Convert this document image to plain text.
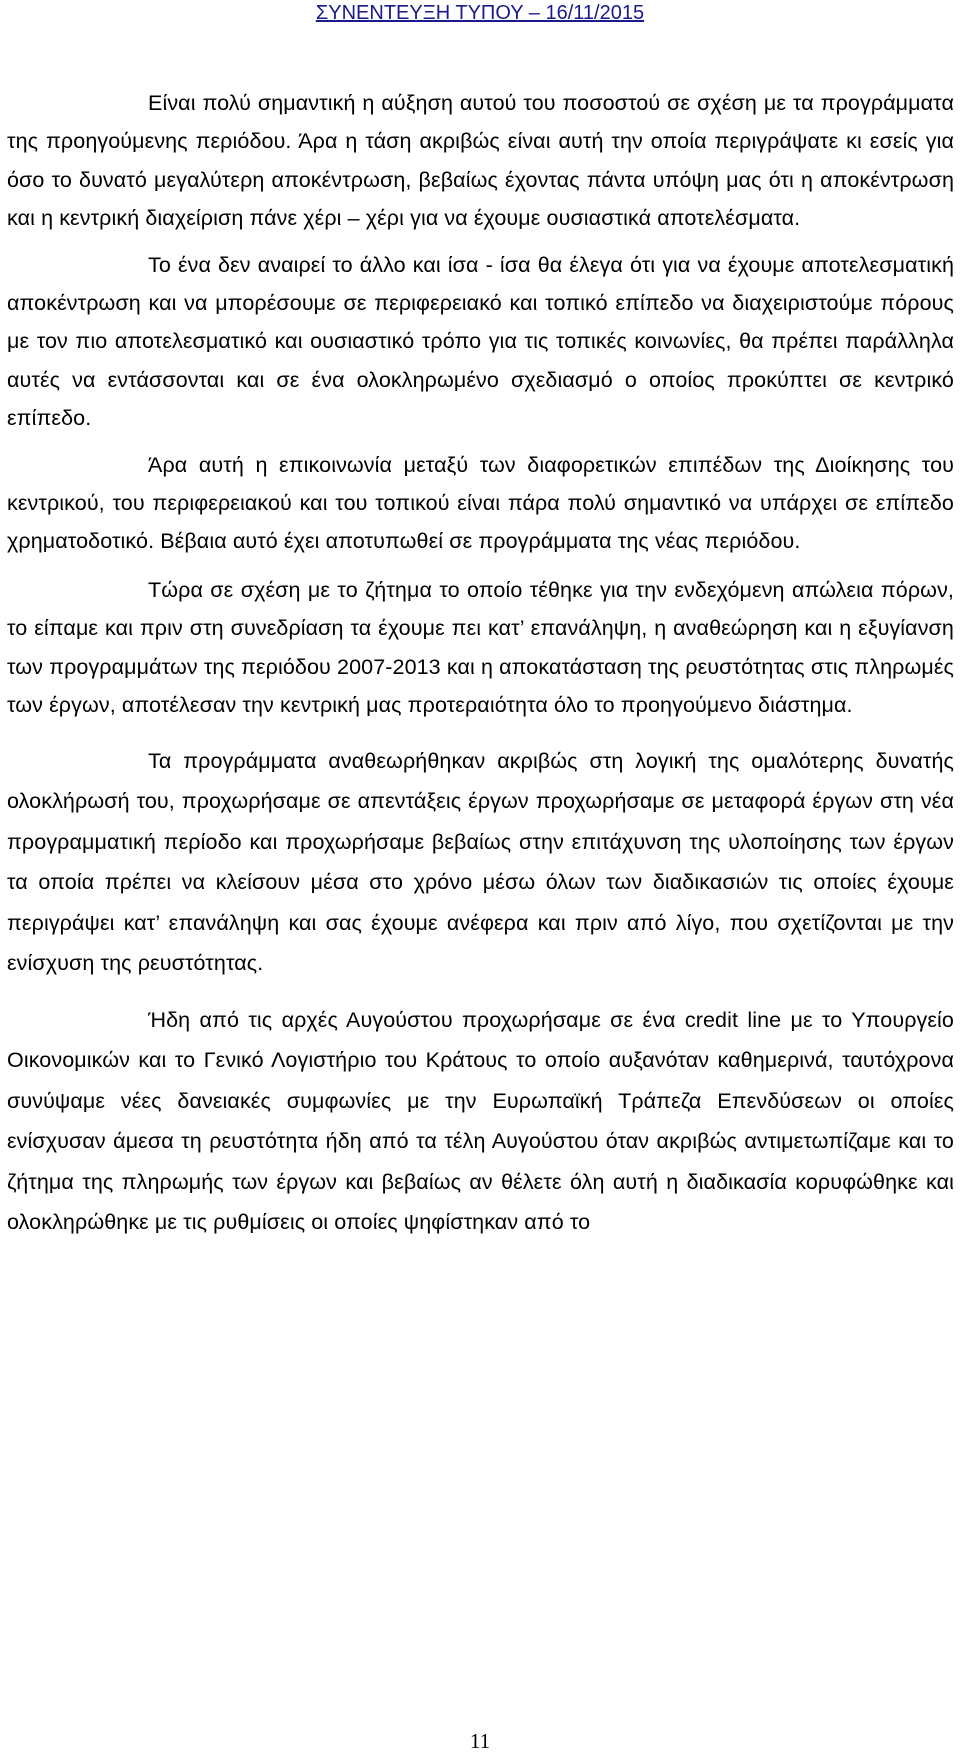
ΣΥΝΕΝΤΕΥΞΗ ΤΥΠΟΥ – 16/11/2015

Είναι πολύ σημαντική η αύξηση αυτού του ποσοστού σε σχέση με τα προγράμματα της προηγούμενης περιόδου. Άρα η τάση ακριβώς είναι αυτή την οποία περιγράψατε κι εσείς για όσο το δυνατό μεγαλύτερη αποκέντρωση, βεβαίως έχοντας πάντα υπόψη μας ότι η αποκέντρωση και η κεντρική διαχείριση πάνε χέρι – χέρι για να έχουμε ουσιαστικά αποτελέσματα.

Το ένα δεν αναιρεί το άλλο και ίσα - ίσα θα έλεγα ότι για να έχουμε αποτελεσματική αποκέντρωση και να μπορέσουμε σε περιφερειακό και τοπικό επίπεδο να διαχειριστούμε πόρους με τον πιο αποτελεσματικό και ουσιαστικό τρόπο για τις τοπικές κοινωνίες, θα πρέπει παράλληλα αυτές να εντάσσονται και σε ένα ολοκληρωμένο σχεδιασμό ο οποίος προκύπτει σε κεντρικό επίπεδο.

Άρα αυτή η επικοινωνία μεταξύ των διαφορετικών επιπέδων της Διοίκησης του κεντρικού, του περιφερειακού και του τοπικού είναι πάρα πολύ σημαντικό να υπάρχει σε επίπεδο χρηματοδοτικό. Βέβαια αυτό έχει αποτυπωθεί σε προγράμματα της νέας περιόδου.

Τώρα σε σχέση με το ζήτημα το οποίο τέθηκε για την ενδεχόμενη απώλεια πόρων, το είπαμε και πριν στη συνεδρίαση τα έχουμε πει κατ’ επανάληψη, η αναθεώρηση και η εξυγίανση των προγραμμάτων της περιόδου 2007-2013 και η αποκατάσταση της ρευστότητας στις πληρωμές των έργων, αποτέλεσαν την κεντρική μας προτεραιότητα όλο το προηγούμενο διάστημα.

Τα προγράμματα αναθεωρήθηκαν ακριβώς στη λογική της ομαλότερης δυνατής ολοκλήρωσή του, προχωρήσαμε σε απεντάξεις έργων προχωρήσαμε σε μεταφορά έργων στη νέα προγραμματική περίοδο και προχωρήσαμε βεβαίως στην επιτάχυνση της υλοποίησης των έργων τα οποία πρέπει να κλείσουν μέσα στο χρόνο μέσω όλων των διαδικασιών τις οποίες έχουμε περιγράψει κατ’ επανάληψη και σας έχουμε ανέφερα και πριν από λίγο, που σχετίζονται με την ενίσχυση της ρευστότητας.

Ήδη από τις αρχές Αυγούστου προχωρήσαμε σε ένα credit line με το Υπουργείο Οικονομικών και το Γενικό Λογιστήριο του Κράτους το οποίο αυξανόταν καθημερινά, ταυτόχρονα συνύψαμε νέες δανειακές συμφωνίες με την Ευρωπαϊκή Τράπεζα Επενδύσεων οι οποίες ενίσχυσαν άμεσα τη ρευστότητα ήδη από τα τέλη Αυγούστου όταν ακριβώς αντιμετωπίζαμε και το ζήτημα της πληρωμής των έργων και βεβαίως αν θέλετε όλη αυτή η διαδικασία κορυφώθηκε και ολοκληρώθηκε με τις ρυθμίσεις οι οποίες ψηφίστηκαν από το

11
